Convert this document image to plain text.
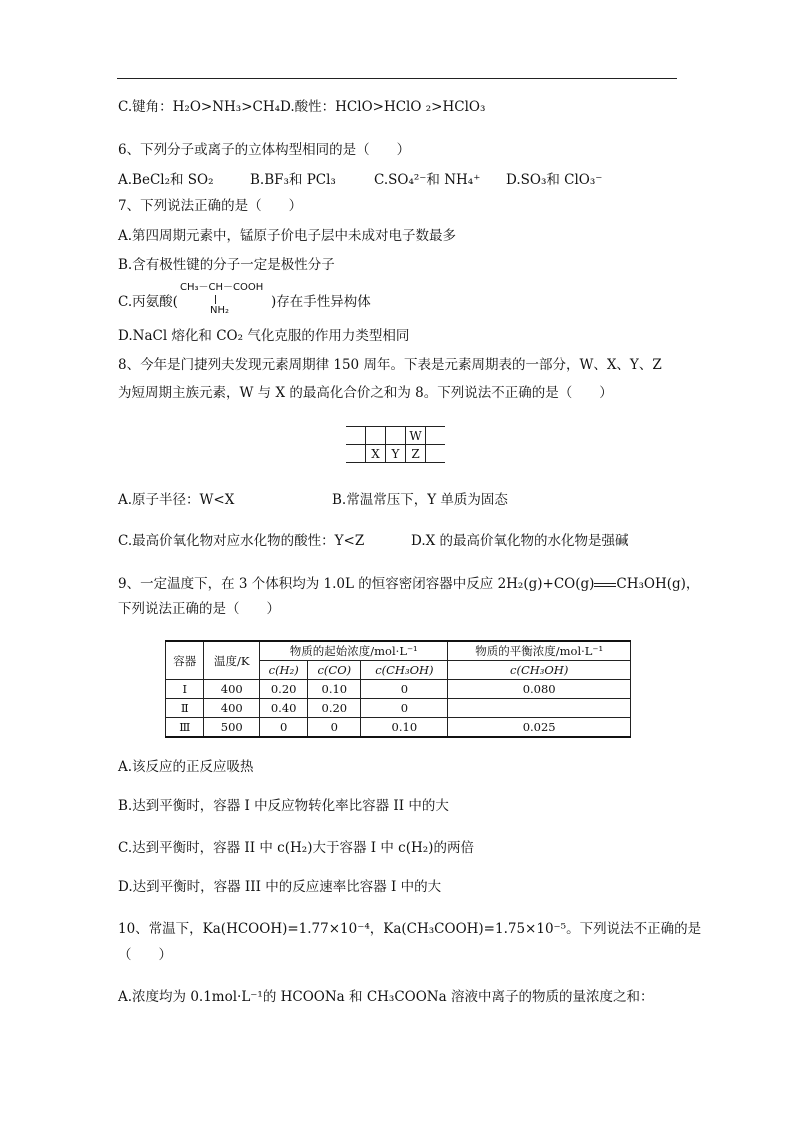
C.键角：H₂O>NH₃>CH₄D.酸性：HClO>HClO ₂>HClO₃
6、下列分子或离子的立体构型相同的是（　　）
A.BeCl₂和 SO₂	B.BF₃和 PCl₃	C.SO₄²⁻和 NH₄⁺ D.SO₃和 ClO₃⁻
7、下列说法正确的是（　　）
A.第四周期元素中，锰原子价电子层中未成对电子数最多
B.含有极性键的分子一定是极性分子
C.丙氨酸(
CH₃－CH－COOH
NH₂
)存在手性异构体
D.NaCl 熔化和 CO₂ 气化克服的作用力类型相同
8、今年是门捷列夫发现元素周期律 150 周年。下表是元素周期表的一部分，W、X、Y、Z
为短周期主族元素，W 与 X 的最高化合价之和为 8。下列说法不正确的是（　　）
			W	
	X	Y	Z	
A.原子半径：W<X	B.常温常压下，Y 单质为固态
C.最高价氧化物对应水化物的酸性：Y<Z	D.X 的最高价氧化物的水化物是强碱
9、一定温度下，在 3 个体积均为 1.0L 的恒容密闭容器中反应 2H₂(g)+CO(g) CH₃OH(g)，
下列说法正确的是（　　）
容器	温度/K	物质的起始浓度/mol·L⁻¹			物质的平衡浓度/mol·L⁻¹
		c(H₂)	c(CO)	c(CH₃OH)	c(CH₃OH)
Ⅰ	400	0.20	0.10	0	0.080
Ⅱ	400	0.40	0.20	0	
Ⅲ	500	0	0	0.10	0.025
A.该反应的正反应吸热
B.达到平衡时，容器 I 中反应物转化率比容器 II 中的大
C.达到平衡时，容器 II 中 c(H₂)大于容器 I 中 c(H₂)的两倍
D.达到平衡时，容器 III 中的反应速率比容器 I 中的大
10、常温下，Ka(HCOOH)=1.77×10⁻⁴，Ka(CH₃COOH)=1.75×10⁻⁵。下列说法不正确的是
（　　）
A.浓度均为 0.1mol·L⁻¹的 HCOONa 和 CH₃COONa 溶液中离子的物质的量浓度之和：
